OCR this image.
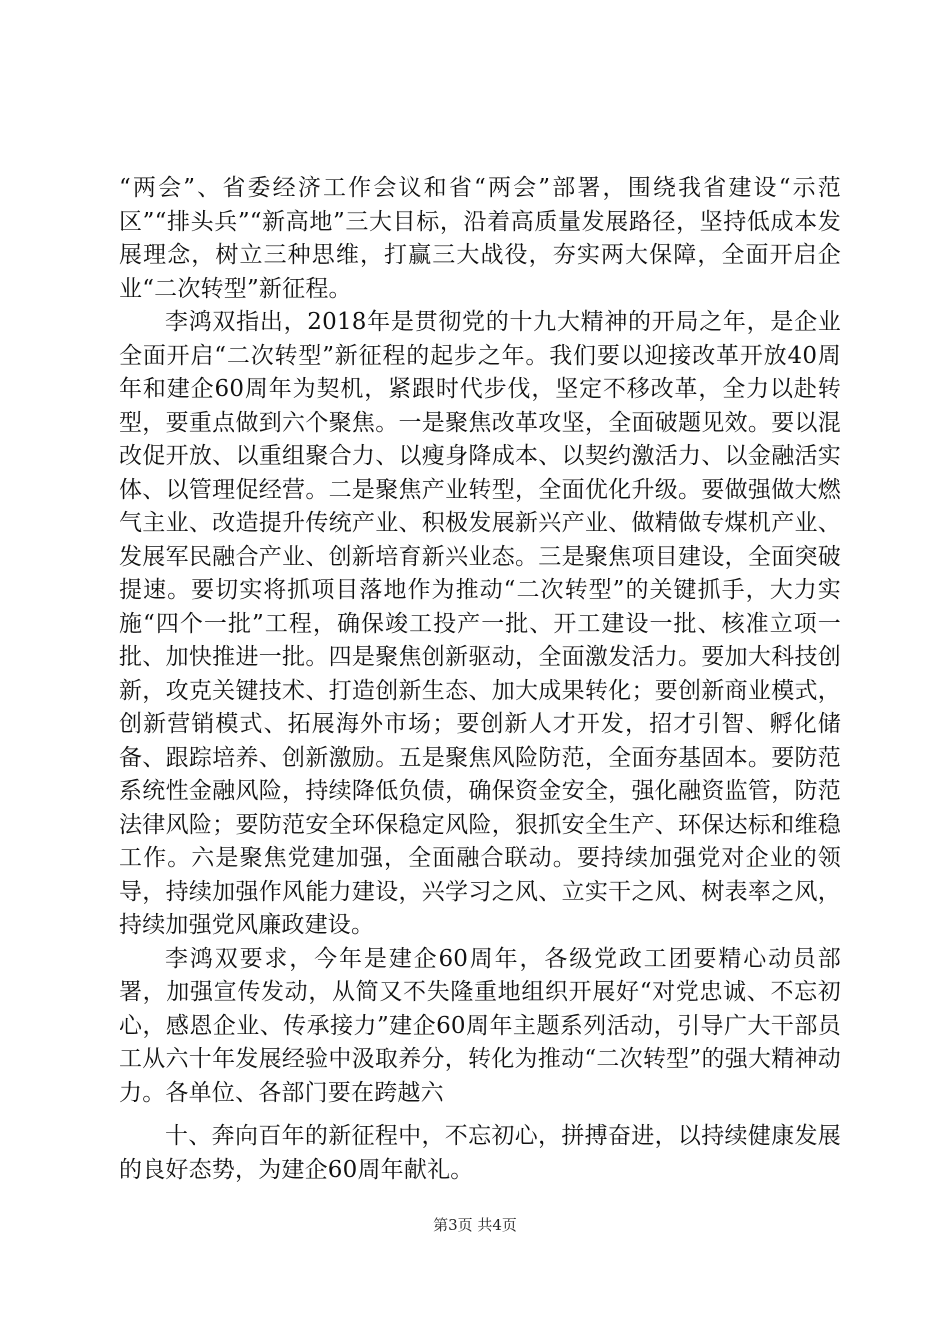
“两会”、省委经济工作会议和省“两会”部署，围绕我省建设“示范区”“排头兵”“新高地”三大目标，沿着高质量发展路径，坚持低成本发展理念，树立三种思维，打赢三大战役，夯实两大保障，全面开启企业“二次转型”新征程。

李鸿双指出，2018年是贯彻党的十九大精神的开局之年，是企业全面开启“二次转型”新征程的起步之年。我们要以迎接改革开放40周年和建企60周年为契机，紧跟时代步伐，坚定不移改革，全力以赴转型，要重点做到六个聚焦。一是聚焦改革攻坚，全面破题见效。要以混改促开放、以重组聚合力、以瘦身降成本、以契约激活力、以金融活实体、以管理促经营。二是聚焦产业转型，全面优化升级。要做强做大燃气主业、改造提升传统产业、积极发展新兴产业、做精做专煤机产业、发展军民融合产业、创新培育新兴业态。三是聚焦项目建设，全面突破提速。要切实将抓项目落地作为推动“二次转型”的关键抓手，大力实施“四个一批”工程，确保竣工投产一批、开工建设一批、核准立项一批、加快推进一批。四是聚焦创新驱动，全面激发活力。要加大科技创新，攻克关键技术、打造创新生态、加大成果转化；要创新商业模式，创新营销模式、拓展海外市场；要创新人才开发，招才引智、孵化储备、跟踪培养、创新激励。五是聚焦风险防范，全面夯基固本。要防范系统性金融风险，持续降低负债，确保资金安全，强化融资监管，防范法律风险；要防范安全环保稳定风险，狠抓安全生产、环保达标和维稳工作。六是聚焦党建加强，全面融合联动。要持续加强党对企业的领导，持续加强作风能力建设，兴学习之风、立实干之风、树表率之风，持续加强党风廉政建设。

李鸿双要求，今年是建企60周年，各级党政工团要精心动员部署，加强宣传发动，从简又不失隆重地组织开展好“对党忠诚、不忘初心，感恩企业、传承接力”建企60周年主题系列活动，引导广大干部员工从六十年发展经验中汲取养分，转化为推动“二次转型”的强大精神动力。各单位、各部门要在跨越六

十、奔向百年的新征程中，不忘初心，拼搏奋进，以持续健康发展的良好态势，为建企60周年献礼。

第3页 共4页
